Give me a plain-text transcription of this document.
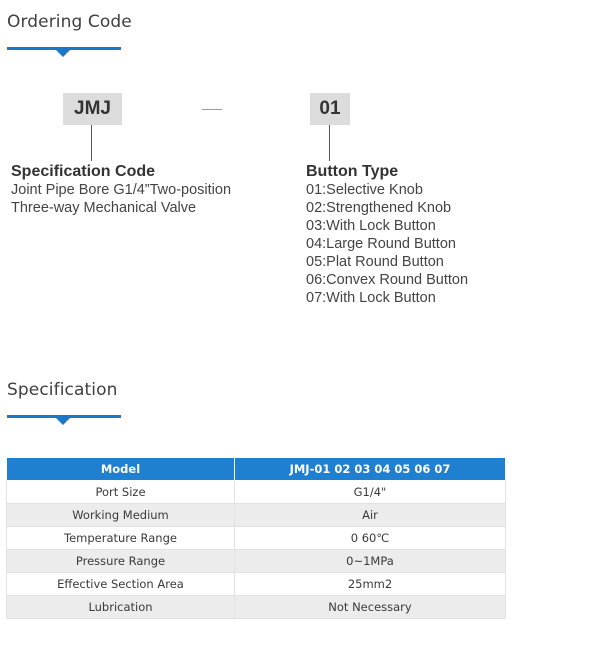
Ordering Code
JMJ	01
Specification Code
Joint Pipe Bore G1/4”Two-position
Three-way Mechanical Valve
Button Type
01:Selective Knob
02:Strengthened Knob
03:With Lock Button
04:Large Round Button
05:Plat Round Button
06:Convex Round Button
07:With Lock Button
Specification
Model	JMJ-01 02 03 04 05 06 07
Port Size	G1/4"
Working Medium	Air
Temperature Range	0 60℃
Pressure Range	0~1MPa
Effective Section Area	25mm2
Lubrication	Not Necessary
